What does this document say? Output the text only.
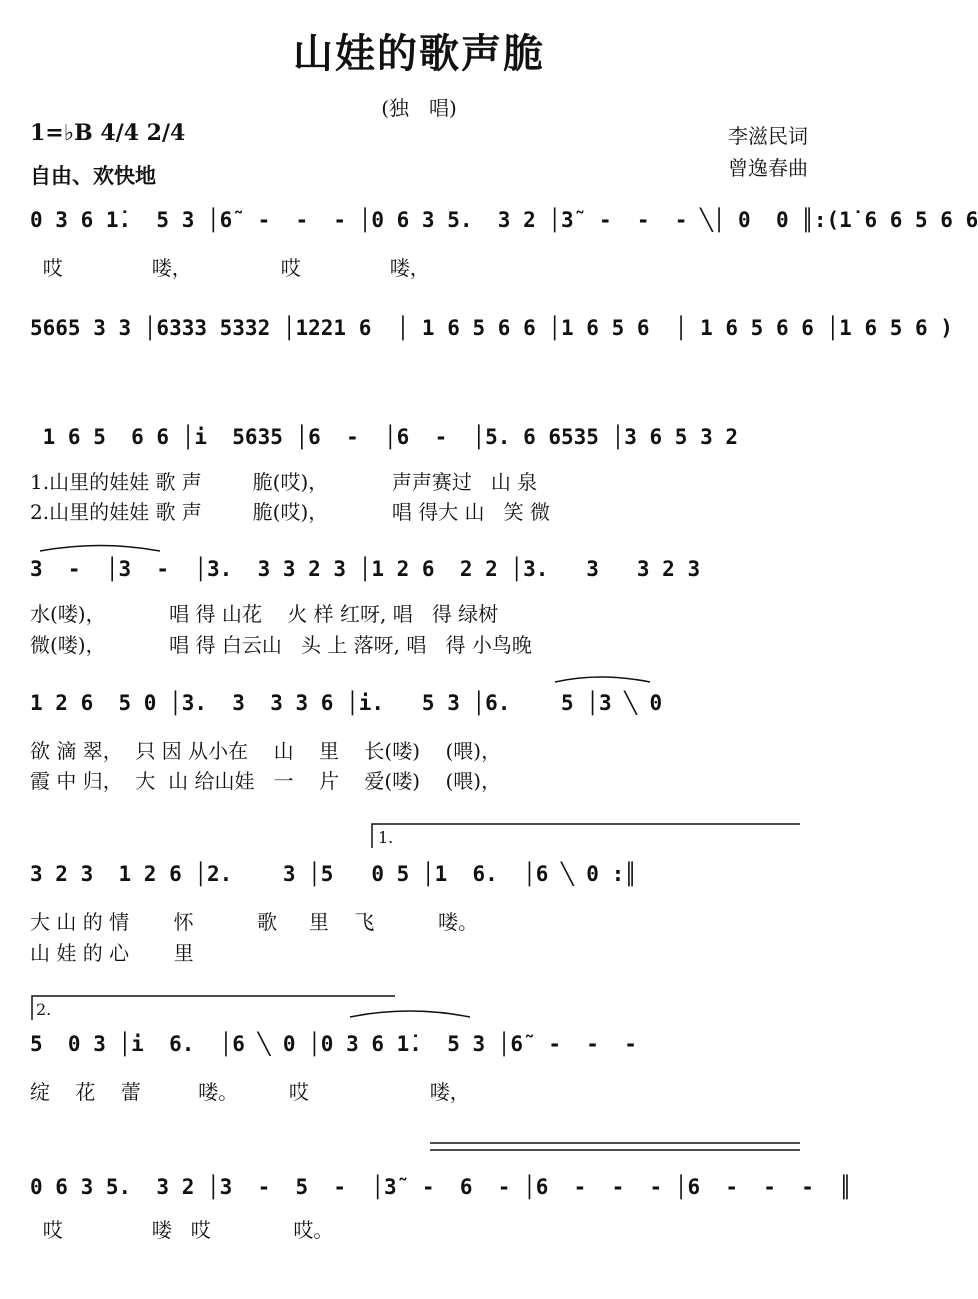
山娃的歌声脆
(独　唱)
1=♭B 4/4 2/4
自由、欢快地
李滋民词
曾逸春曲
0 3 6 1̇.  5 3 │6̃  -  -  - │0 6 3 5.  3 2 │3̃  -  -  - ╲│ 0  0 ║:(1̇ 6 6 5 6 6
哎              喽，              哎              喽，
5665 3 3 │6333 5332 │1221 6  │ 1 6 5 6 6 │1 6 5 6  │ 1 6 5 6 6 │1 6 5 6 )
1 6 5  6 6 │i  5635 │6  -  │6  -  │5. 6 6535 │3 6 5 3 2
1.山里的娃娃 歌 声        脆(哎)，          声声赛过   山 泉
2.山里的娃娃 歌 声        脆(哎)，          唱 得大 山   笑 微
3  -  │3  -  │3.  3 3 2 3 │1 2 6  2 2 │3.   3   3 2 3
水(喽)，          唱 得 山花    火 样 红呀, 唱   得 绿树
微(喽)，          唱 得 白云山   头 上 落呀, 唱   得 小鸟晚
1 2 6  5 0 │3.  3  3 3 6 │i.   5 3 │6.    5 │3 ╲ 0
欲 滴 翠，  只 因 从小在    山    里    长(喽)    (喂)，
霞 中 归，  大  山 给山娃   一    片    爱(喽)    (喂)，
1.
3 2 3  1 2 6 │2.    3 │5   0 5 │1  6.  │6 ╲ 0 :║
大 山 的 情       怀          歌     里    飞          喽。
山 娃 的 心       里
2.
5  0 3 │i  6.  │6 ╲ 0 │0 3 6 1̇.  5 3 │6̃  -  -  -
绽    花    蕾         喽。        哎                   喽，
0 6 3 5.  3 2 │3  -  5  -  │3̃  -  6  - │6  -  -  - │6  -  -  -  ║
哎              喽   哎             哎。
